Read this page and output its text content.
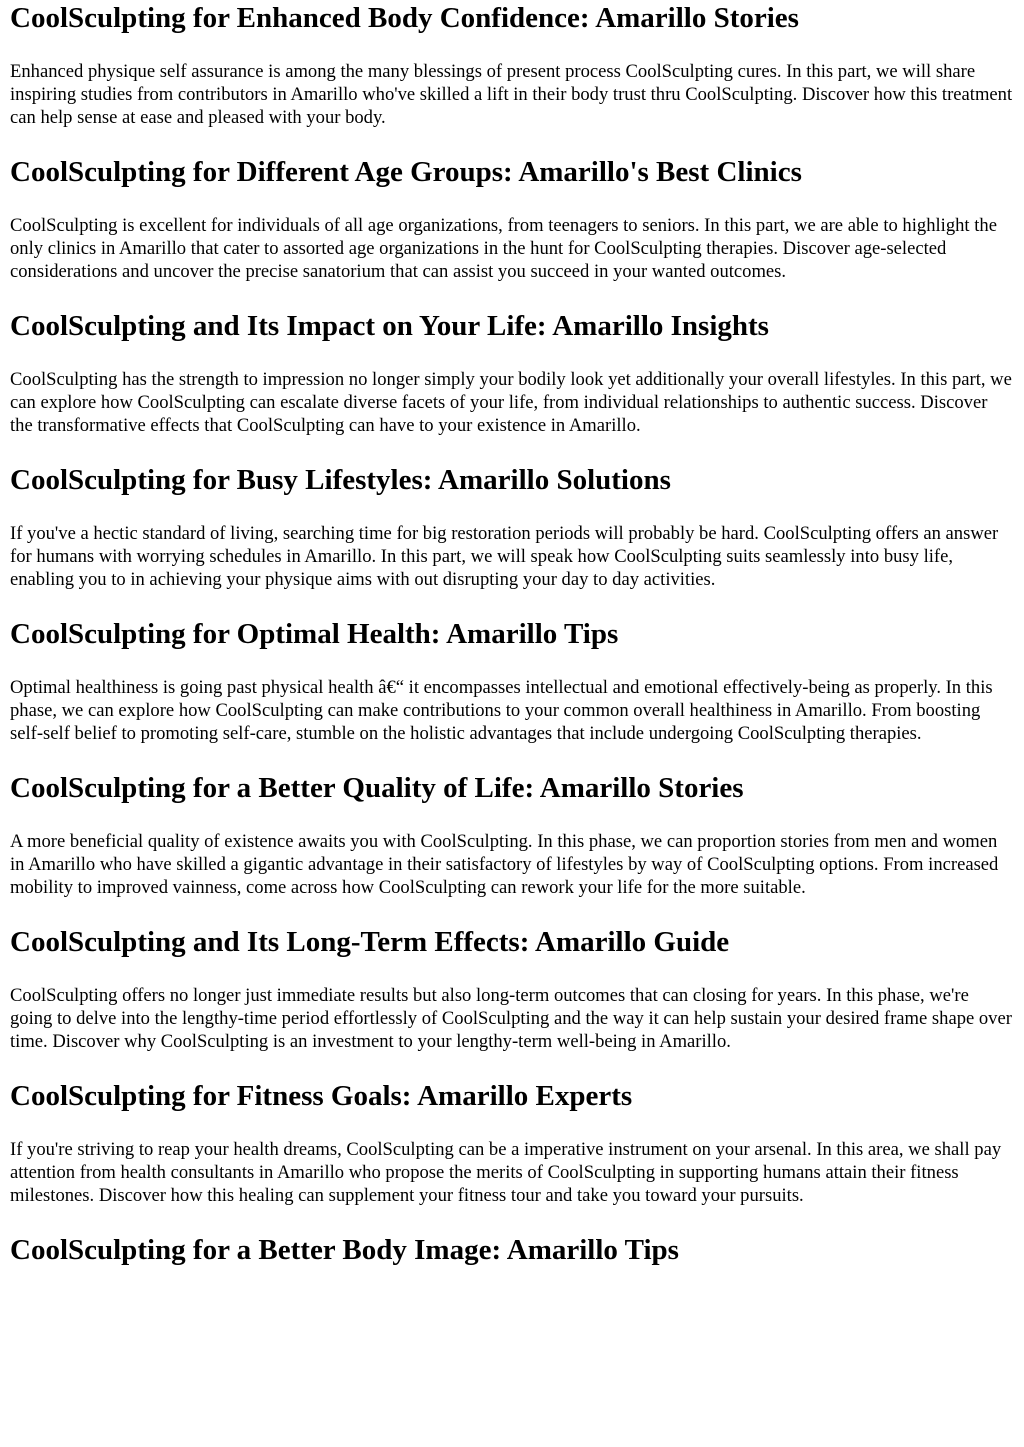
CoolSculpting for Enhanced Body Confidence: Amarillo Stories

Enhanced physique self assurance is among the many blessings of present process CoolSculpting cures. In this part, we will share inspiring studies from contributors in Amarillo who've skilled a lift in their body trust thru CoolSculpting. Discover how this treatment can help sense at ease and pleased with your body.

CoolSculpting for Different Age Groups: Amarillo's Best Clinics

CoolSculpting is excellent for individuals of all age organizations, from teenagers to seniors. In this part, we are able to highlight the only clinics in Amarillo that cater to assorted age organizations in the hunt for CoolSculpting therapies. Discover age-selected considerations and uncover the precise sanatorium that can assist you succeed in your wanted outcomes.

CoolSculpting and Its Impact on Your Life: Amarillo Insights

CoolSculpting has the strength to impression no longer simply your bodily look yet additionally your overall lifestyles. In this part, we can explore how CoolSculpting can escalate diverse facets of your life, from individual relationships to authentic success. Discover the transformative effects that CoolSculpting can have to your existence in Amarillo.

CoolSculpting for Busy Lifestyles: Amarillo Solutions

If you've a hectic standard of living, searching time for big restoration periods will probably be hard. CoolSculpting offers an answer for humans with worrying schedules in Amarillo. In this part, we will speak how CoolSculpting suits seamlessly into busy life, enabling you to in achieving your physique aims with out disrupting your day to day activities.

CoolSculpting for Optimal Health: Amarillo Tips

Optimal healthiness is going past physical health â€“ it encompasses intellectual and emotional effectively-being as properly. In this phase, we can explore how CoolSculpting can make contributions to your common overall healthiness in Amarillo. From boosting self-self belief to promoting self-care, stumble on the holistic advantages that include undergoing CoolSculpting therapies.

CoolSculpting for a Better Quality of Life: Amarillo Stories

A more beneficial quality of existence awaits you with CoolSculpting. In this phase, we can proportion stories from men and women in Amarillo who have skilled a gigantic advantage in their satisfactory of lifestyles by way of CoolSculpting options. From increased mobility to improved vainness, come across how CoolSculpting can rework your life for the more suitable.

CoolSculpting and Its Long-Term Effects: Amarillo Guide

CoolSculpting offers no longer just immediate results but also long-term outcomes that can closing for years. In this phase, we're going to delve into the lengthy-time period effortlessly of CoolSculpting and the way it can help sustain your desired frame shape over time. Discover why CoolSculpting is an investment to your lengthy-term well-being in Amarillo.

CoolSculpting for Fitness Goals: Amarillo Experts

If you're striving to reap your health dreams, CoolSculpting can be a imperative instrument on your arsenal. In this area, we shall pay attention from health consultants in Amarillo who propose the merits of CoolSculpting in supporting humans attain their fitness milestones. Discover how this healing can supplement your fitness tour and take you toward your pursuits.

CoolSculpting for a Better Body Image: Amarillo Tips
